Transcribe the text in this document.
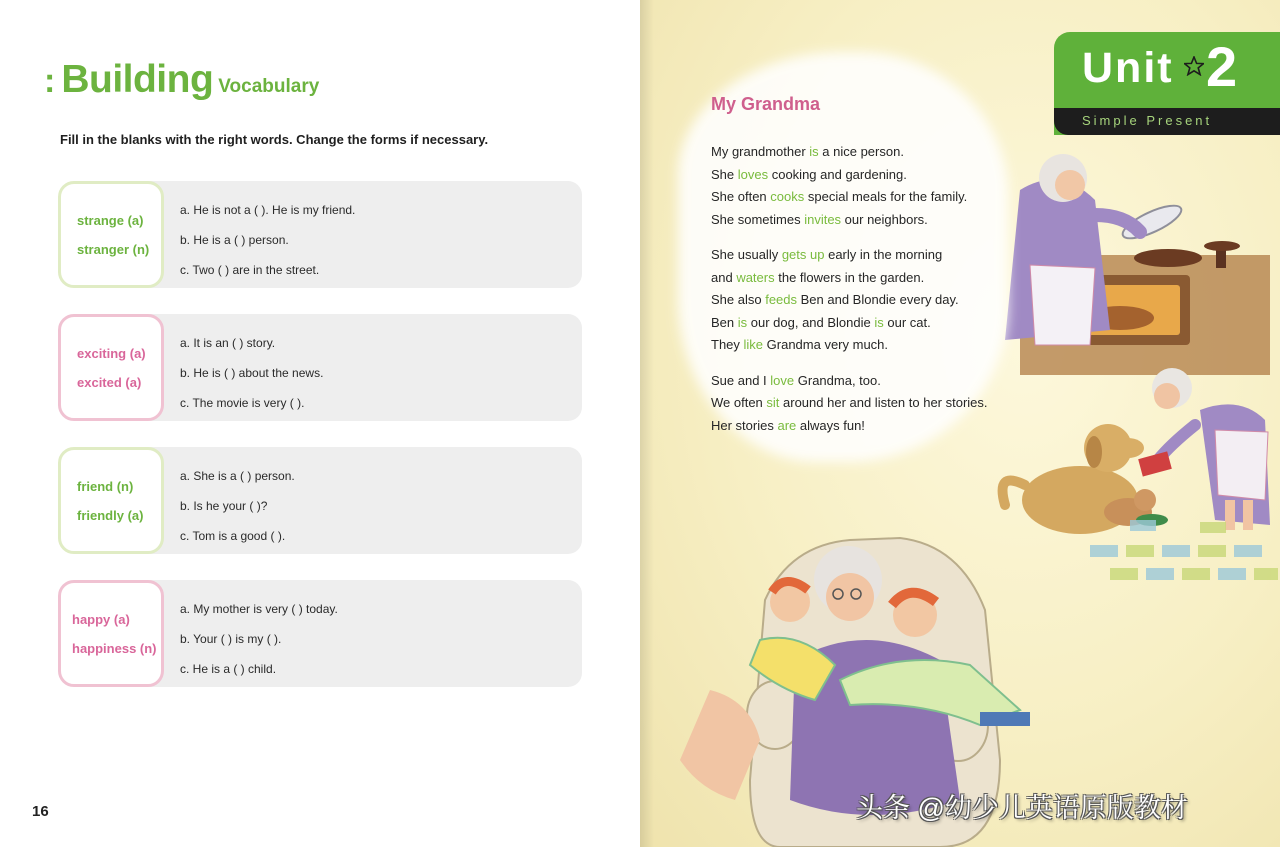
: Building Vocabulary
Fill in the blanks with the right words. Change the forms if necessary.
strange (a)
stranger (n)
a. He is not a ( ). He is my friend.
b. He is a ( ) person.
c. Two ( ) are in the street.
exciting (a)
excited (a)
a. It is an ( ) story.
b. He is ( ) about the news.
c. The movie is very ( ).
friend (n)
friendly (a)
a. She is a ( ) person.
b. Is he your ( )?
c. Tom is a good ( ).
happy (a)
happiness (n)
a. My mother is very ( ) today.
b. Your ( ) is my ( ).
c. He is a ( ) child.
16
Unit 2
Simple Present
My Grandma
My grandmother is a nice person.
She loves cooking and gardening.
She often cooks special meals for the family.
She sometimes invites our neighbors.
She usually gets up early in the morning
and waters the flowers in the garden.
She also feeds Ben and Blondie every day.
Ben is our dog, and Blondie is our cat.
They like Grandma very much.
Sue and I love Grandma, too.
We often sit around her and listen to her stories.
Her stories are always fun!
头条 @幼少儿英语原版教材
